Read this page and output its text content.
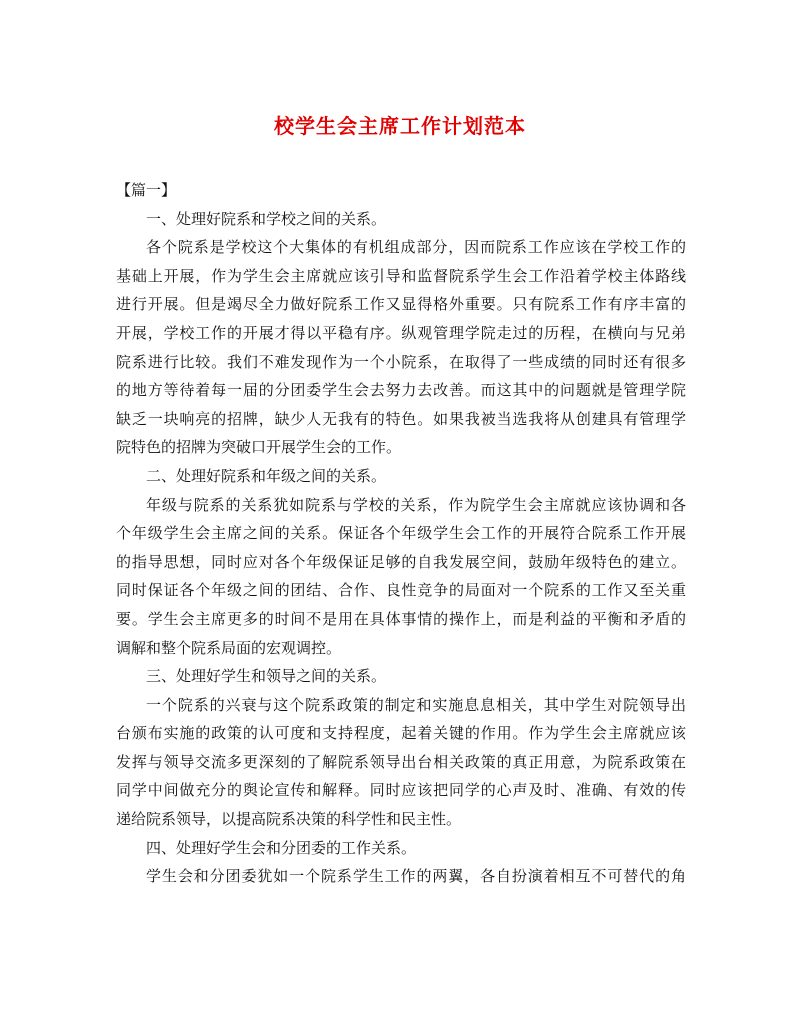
校学生会主席工作计划范本
【篇一】
一、处理好院系和学校之间的关系。
各个院系是学校这个大集体的有机组成部分，因而院系工作应该在学校工作的
基础上开展，作为学生会主席就应该引导和监督院系学生会工作沿着学校主体路线
进行开展。但是竭尽全力做好院系工作又显得格外重要。只有院系工作有序丰富的
开展，学校工作的开展才得以平稳有序。纵观管理学院走过的历程，在横向与兄弟
院系进行比较。我们不难发现作为一个小院系，在取得了一些成绩的同时还有很多
的地方等待着每一届的分团委学生会去努力去改善。而这其中的问题就是管理学院
缺乏一块响亮的招牌，缺少人无我有的特色。如果我被当选我将从创建具有管理学
院特色的招牌为突破口开展学生会的工作。
二、处理好院系和年级之间的关系。
年级与院系的关系犹如院系与学校的关系，作为院学生会主席就应该协调和各
个年级学生会主席之间的关系。保证各个年级学生会工作的开展符合院系工作开展
的指导思想，同时应对各个年级保证足够的自我发展空间，鼓励年级特色的建立。
同时保证各个年级之间的团结、合作、良性竞争的局面对一个院系的工作又至关重
要。学生会主席更多的时间不是用在具体事情的操作上，而是利益的平衡和矛盾的
调解和整个院系局面的宏观调控。
三、处理好学生和领导之间的关系。
一个院系的兴衰与这个院系政策的制定和实施息息相关，其中学生对院领导出
台颁布实施的政策的认可度和支持程度，起着关键的作用。作为学生会主席就应该
发挥与领导交流多更深刻的了解院系领导出台相关政策的真正用意，为院系政策在
同学中间做充分的舆论宣传和解释。同时应该把同学的心声及时、准确、有效的传
递给院系领导，以提高院系决策的科学性和民主性。
四、处理好学生会和分团委的工作关系。
学生会和分团委犹如一个院系学生工作的两翼，各自扮演着相互不可替代的角
